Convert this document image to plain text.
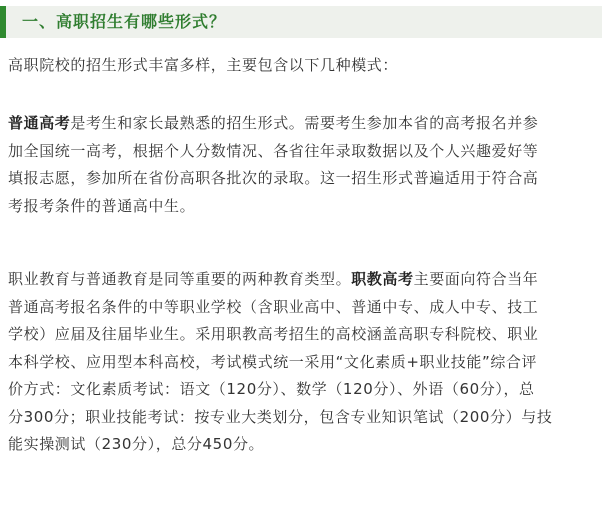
一、高职招生有哪些形式？
高职院校的招生形式丰富多样，主要包含以下几种模式：
普通高考是考生和家长最熟悉的招生形式。需要考生参加本省的高考报名并参
加全国统一高考，根据个人分数情况、各省往年录取数据以及个人兴趣爱好等
填报志愿，参加所在省份高职各批次的录取。这一招生形式普遍适用于符合高
考报考条件的普通高中生。
职业教育与普通教育是同等重要的两种教育类型。职教高考主要面向符合当年
普通高考报名条件的中等职业学校（含职业高中、普通中专、成人中专、技工
学校）应届及往届毕业生。采用职教高考招生的高校涵盖高职专科院校、职业
本科学校、应用型本科高校，考试模式统一采用“文化素质+职业技能”综合评
价方式：文化素质考试：语文（120分）、数学（120分）、外语（60分），总
分300分；职业技能考试：按专业大类划分，包含专业知识笔试（200分）与技
能实操测试（230分），总分450分。
